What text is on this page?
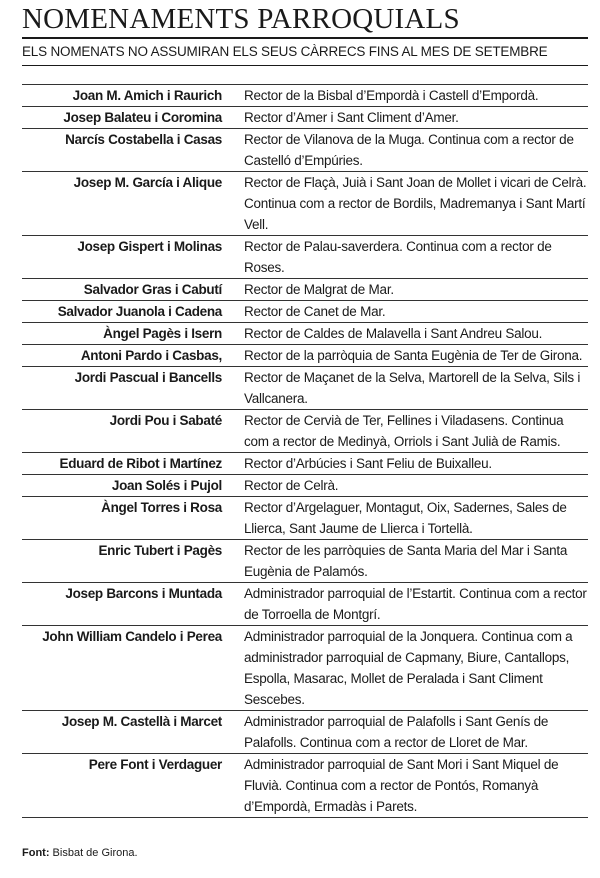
NOMENAMENTS PARROQUIALS
ELS NOMENATS NO ASSUMIRAN ELS SEUS CÀRRECS FINS AL MES DE SETEMBRE
Joan M. Amich i Raurich	Rector de la Bisbal d’Empordà i Castell d’Empordà.
Josep Balateu i Coromina	Rector d’Amer i Sant Climent d’Amer.
Narcís Costabella i Casas	Rector de Vilanova de la Muga. Continua com a rector de Castelló d’Empúries.
Josep M. García i Alique	Rector de Flaçà, Juià i Sant Joan de Mollet i vicari de Celrà. Continua com a rector de Bordils, Madremanya i Sant Martí Vell.
Josep Gispert i Molinas	Rector de Palau-saverdera. Continua com a rector de Roses.
Salvador Gras i Cabutí	Rector de Malgrat de Mar.
Salvador Juanola i Cadena	Rector de Canet de Mar.
Àngel Pagès i Isern	Rector de Caldes de Malavella i Sant Andreu Salou.
Antoni Pardo i Casbas,	Rector de la parròquia de Santa Eugènia de Ter de Girona.
Jordi Pascual i Bancells	Rector de Maçanet de la Selva, Martorell de la Selva, Sils i Vallcanera.
Jordi Pou i Sabaté	Rector de Cervià de Ter, Fellines i Viladasens. Continua com a rector de Medinyà, Orriols i Sant Julià de Ramis.
Eduard de Ribot i Martínez	Rector d’Arbúcies i Sant Feliu de Buixalleu.
Joan Solés i Pujol	Rector de Celrà.
Àngel Torres i Rosa	Rector d’Argelaguer, Montagut, Oix, Sadernes, Sales de Llierca, Sant Jaume de Llierca i Tortellà.
Enric Tubert i Pagès	Rector de les parròquies de Santa Maria del Mar i Santa Eugènia de Palamós.
Josep Barcons i Muntada	Administrador parroquial de l’Estartit. Continua com a rector de Torroella de Montgrí.
John William Candelo i Perea	Administrador parroquial de la Jonquera. Continua com a administrador parroquial de Capmany, Biure, Cantallops, Espolla, Masarac, Mollet de Peralada i Sant Climent Sescebes.
Josep M. Castellà i Marcet	Administrador parroquial de Palafolls i Sant Genís de Palafolls. Continua com a rector de Lloret de Mar.
Pere Font i Verdaguer	Administrador parroquial de Sant Mori i Sant Miquel de Fluvià. Continua com a rector de Pontós, Romanyà d’Empordà, Ermadàs i Parets.
Font: Bisbat de Girona.
